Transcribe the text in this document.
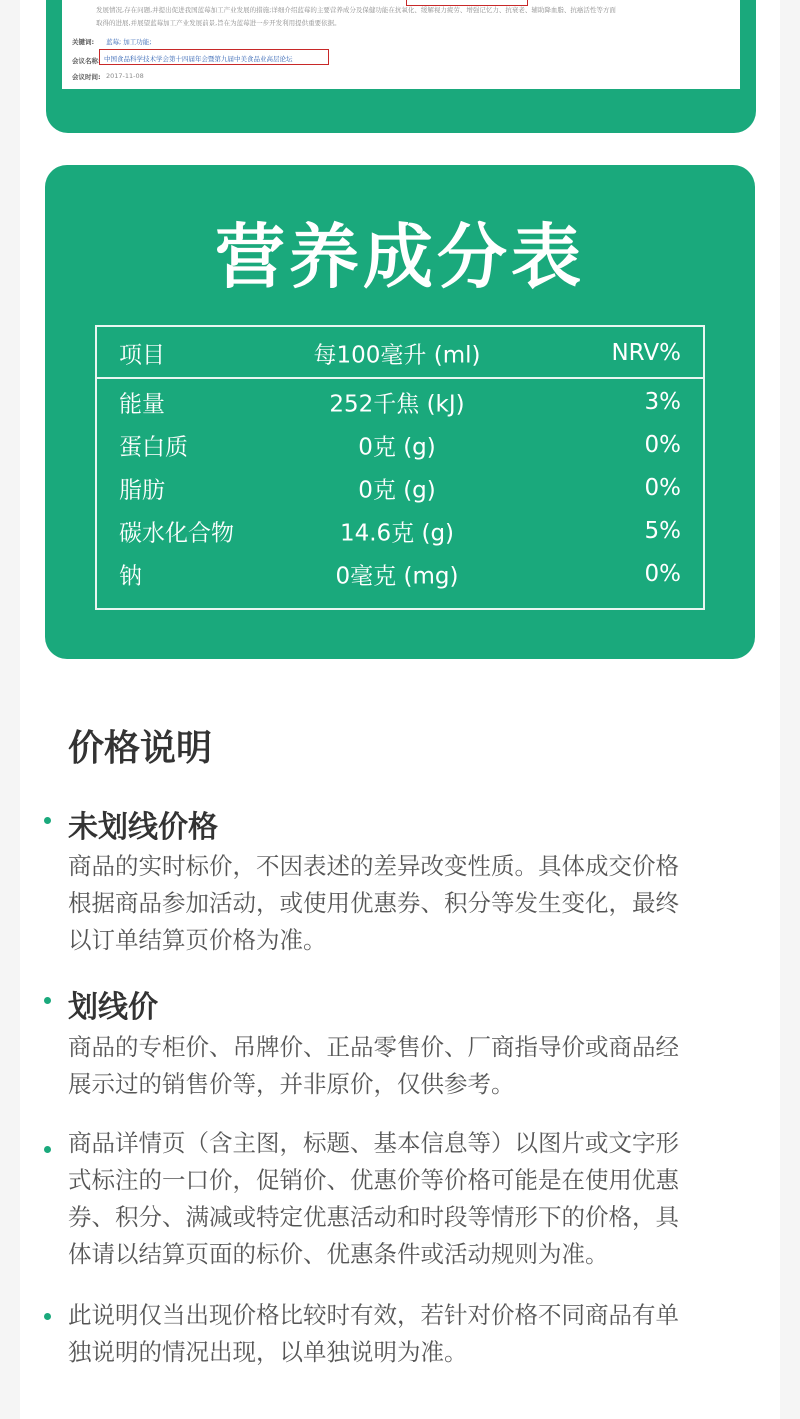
发展情况,存在问题,并提出促进我国蓝莓加工产业发展的措施;详细介绍蓝莓的主要营养成分及保健功能在抗氧化、缓解视力疲劳、增强记忆力、抗衰老、辅助降血脂、抗癌活性等方面
取得的进展,并展望蓝莓加工产业发展前景,旨在为蓝莓进一步开发利用提供重要依据。
关键词: 蓝莓; 加工功能;
会议名称: 中国食品科学技术学会第十四届年会暨第九届中美食品业高层论坛
会议时间: 2017-11-08
营养成分表
项目	每100毫升 (ml)	NRV%
能量	252千焦 (kJ)	3%
蛋白质	0克 (g)	0%
脂肪	0克 (g)	0%
碳水化合物	14.6克 (g)	5%
钠	0毫克 (mg)	0%
价格说明
未划线价格
商品的实时标价，不因表述的差异改变性质。具体成交价格
根据商品参加活动，或使用优惠券、积分等发生变化，最终
以订单结算页价格为准。
划线价
商品的专柜价、吊牌价、正品零售价、厂商指导价或商品经
展示过的销售价等，并非原价，仅供参考。
商品详情页（含主图，标题、基本信息等）以图片或文字形
式标注的一口价，促销价、优惠价等价格可能是在使用优惠
券、积分、满减或特定优惠活动和时段等情形下的价格，具
体请以结算页面的标价、优惠条件或活动规则为准。
此说明仅当出现价格比较时有效，若针对价格不同商品有单
独说明的情况出现，以单独说明为准。
